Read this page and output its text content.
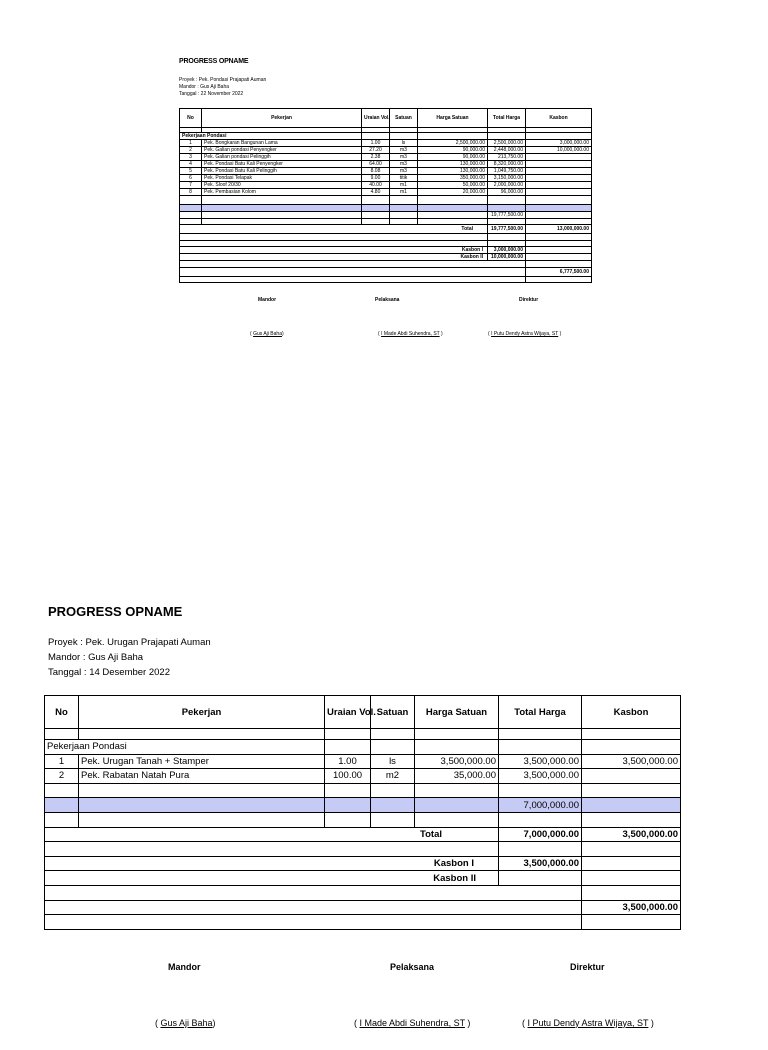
PROGRESS OPNAME
Proyek : Pek. Pondasi Prajapati Auman
Mandor : Gus Aji Baha
Tanggal : 22 November 2022
No	Pekerjan	Uraian Vol.	Satuan	Harga Satuan	Total Harga	Kasbon

Pekerjaan Pondasi						
1	Pek. Bongkaran Bangunan Lama	1.00	ls	2,500,000.00	2,500,000.00	3,000,000.00
2	Pek. Galian pondasi Penyengker	27.20	m3	90,000.00	2,448,000.00	10,000,000.00
3	Pek. Galian pondasi Pelinggih	2.38	m3	90,000.00	213,750.00	
4	Pek. Pondasi Batu Kali Penyengker	64.00	m3	130,000.00	8,320,000.00	
5	Pek. Pondasi Batu Kali Pelinggih	8.08	m3	130,000.00	1,049,750.00	
6	Pek. Pondasi Telapak	9.00	titik	350,000.00	3,150,000.00	
7	Pek. Sloof 20/30	40.00	m1	50,000.00	2,000,000.00	
8	Pek. Pembasian Kolom	4.80	m1	20,000.00	96,000.00	

					19,777,500.00	

Total					19,777,500.00	13,000,000.00

Kasbon I					3,000,000.00	
Kasbon II					10,000,000.00	

						6,777,500.00

Mandor	Pelaksana	Direktur
( Gus Aji Baha)	( I Made Abdi Suhendra, ST )	( I Putu Dendy Astra Wijaya, ST )
PROGRESS OPNAME
Proyek : Pek. Urugan Prajapati Auman
Mandor : Gus Aji Baha
Tanggal : 14 Desember 2022
No	Pekerjan	Uraian Vol.	Satuan	Harga Satuan	Total Harga	Kasbon

Pekerjaan Pondasi						
1	Pek. Urugan Tanah + Stamper	1.00	ls	3,500,000.00	3,500,000.00	3,500,000.00
2	Pek. Rabatan Natah Pura	100.00	m2	35,000.00	3,500,000.00	

					7,000,000.00	

Total					7,000,000.00	3,500,000.00

Kasbon I					3,500,000.00	
Kasbon II						

						3,500,000.00

Mandor	Pelaksana	Direktur
( Gus Aji Baha)	( I Made Abdi Suhendra, ST )	( I Putu Dendy Astra Wijaya, ST )
